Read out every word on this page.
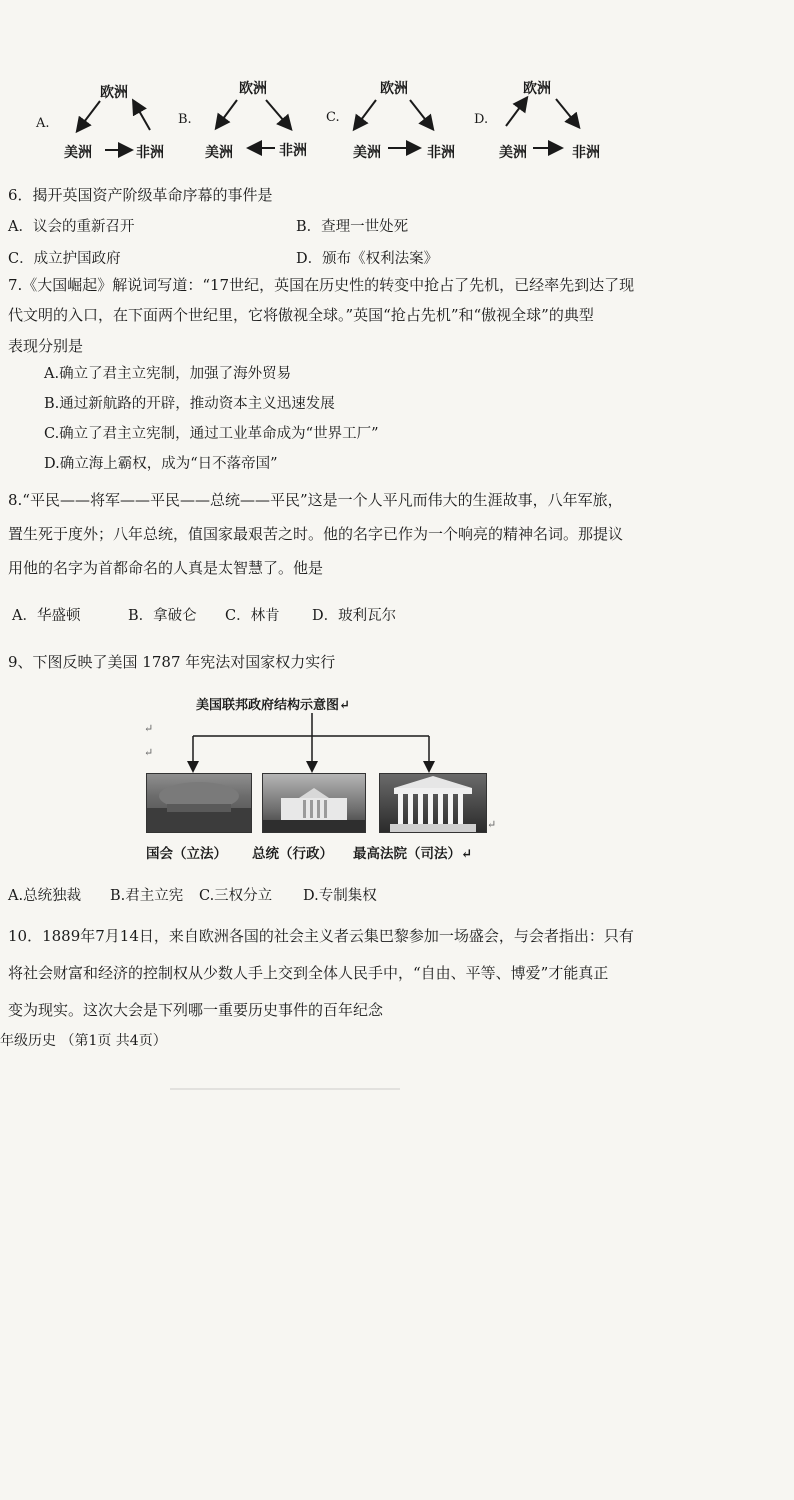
A.
欧洲
美洲	非洲
B.
欧洲
美洲	非洲
C.
欧洲
美洲	非洲
D.
欧洲
美洲	非洲
6．揭开英国资产阶级革命序幕的事件是
A．议会的重新召开	B．查理一世处死
C．成立护国政府	D．颁布《权利法案》
7.《大国崛起》解说词写道：“17世纪，英国在历史性的转变中抢占了先机，已经率先到达了现
代文明的入口，在下面两个世纪里，它将傲视全球。”英国“抢占先机”和“傲视全球”的典型
表现分别是
A.确立了君主立宪制，加强了海外贸易
B.通过新航路的开辟，推动资本主义迅速发展
C.确立了君主立宪制，通过工业革命成为“世界工厂”
D.确立海上霸权，成为“日不落帝国”
8.“平民——将军——平民——总统——平民”这是一个人平凡而伟大的生涯故事，八年军旅，
置生死于度外；八年总统，值国家最艰苦之时。他的名字已作为一个响亮的精神名词。那提议
用他的名字为首都命名的人真是太智慧了。他是
A．华盛顿	B．拿破仑 C．林肯 D．玻利瓦尔
9、下图反映了美国 1787 年宪法对国家权力实行
美国联邦政府结构示意图↵
↵
↵
↵
国会（立法） 总统（行政） 最高法院（司法）↵
A.总统独裁 B.君主立宪 C.三权分立 D.专制集权
10．1889年7月14日，来自欧洲各国的社会主义者云集巴黎参加一场盛会，与会者指出：只有
将社会财富和经济的控制权从少数人手上交到全体人民手中，“自由、平等、博爱”才能真正
变为现实。这次大会是下列哪一重要历史事件的百年纪念
年级历史 （第1页 共4页）
